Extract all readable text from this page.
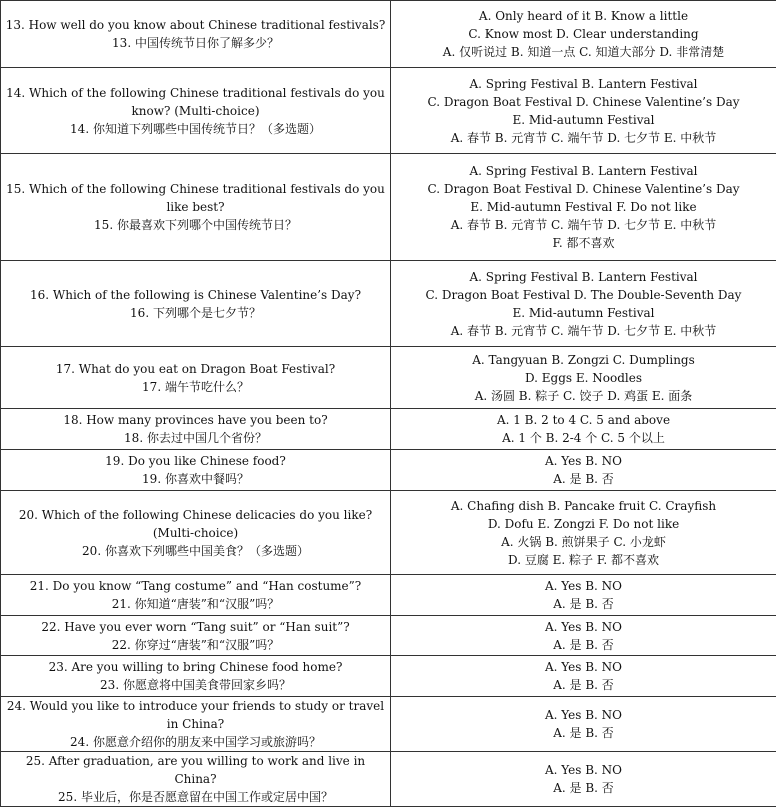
13. How well do you know about Chinese traditional festivals?
13. 中国传统节日你了解多少？	A. Only heard of it B. Know a little
C. Know most D. Clear understanding
A. 仅听说过 B. 知道一点 C. 知道大部分 D. 非常清楚

14. Which of the following Chinese traditional festivals do you know? (Multi-choice)
14. 你知道下列哪些中国传统节日？（多选题）	A. Spring Festival B. Lantern Festival
C. Dragon Boat Festival D. Chinese Valentine’s Day
E. Mid-autumn Festival
A. 春节 B. 元宵节 C. 端午节 D. 七夕节 E. 中秋节

15. Which of the following Chinese traditional festivals do you like best?
15. 你最喜欢下列哪个中国传统节日？	A. Spring Festival B. Lantern Festival
C. Dragon Boat Festival D. Chinese Valentine’s Day
E. Mid-autumn Festival F. Do not like
A. 春节 B. 元宵节 C. 端午节 D. 七夕节 E. 中秋节
F. 都不喜欢

16. Which of the following is Chinese Valentine’s Day?
16. 下列哪个是七夕节？	A. Spring Festival B. Lantern Festival
C. Dragon Boat Festival D. The Double-Seventh Day
E. Mid-autumn Festival
A. 春节 B. 元宵节 C. 端午节 D. 七夕节 E. 中秋节

17. What do you eat on Dragon Boat Festival?
17. 端午节吃什么？	A. Tangyuan B. Zongzi C. Dumplings
D. Eggs E. Noodles
A. 汤圆 B. 粽子 C. 饺子 D. 鸡蛋 E. 面条

18. How many provinces have you been to?
18. 你去过中国几个省份？	A. 1 B. 2 to 4 C. 5 and above
A. 1 个 B. 2-4 个 C. 5 个以上

19. Do you like Chinese food?
19. 你喜欢中餐吗？	A. Yes B. NO
A. 是 B. 否

20. Which of the following Chinese delicacies do you like? (Multi-choice)
20. 你喜欢下列哪些中国美食？（多选题）	A. Chafing dish B. Pancake fruit C. Crayfish
D. Dofu E. Zongzi F. Do not like
A. 火锅 B. 煎饼果子 C. 小龙虾
D. 豆腐 E. 粽子 F. 都不喜欢

21. Do you know “Tang costume” and “Han costume”?
21. 你知道“唐装”和“汉服”吗？	A. Yes B. NO
A. 是 B. 否

22. Have you ever worn “Tang suit” or “Han suit”?
22. 你穿过“唐装”和“汉服”吗？	A. Yes B. NO
A. 是 B. 否

23. Are you willing to bring Chinese food home?
23. 你愿意将中国美食带回家乡吗？	A. Yes B. NO
A. 是 B. 否

24. Would you like to introduce your friends to study or travel in China?
24. 你愿意介绍你的朋友来中国学习或旅游吗？	A. Yes B. NO
A. 是 B. 否

25. After graduation, are you willing to work and live in China?
25. 毕业后，你是否愿意留在中国工作或定居中国？	A. Yes B. NO
A. 是 B. 否
